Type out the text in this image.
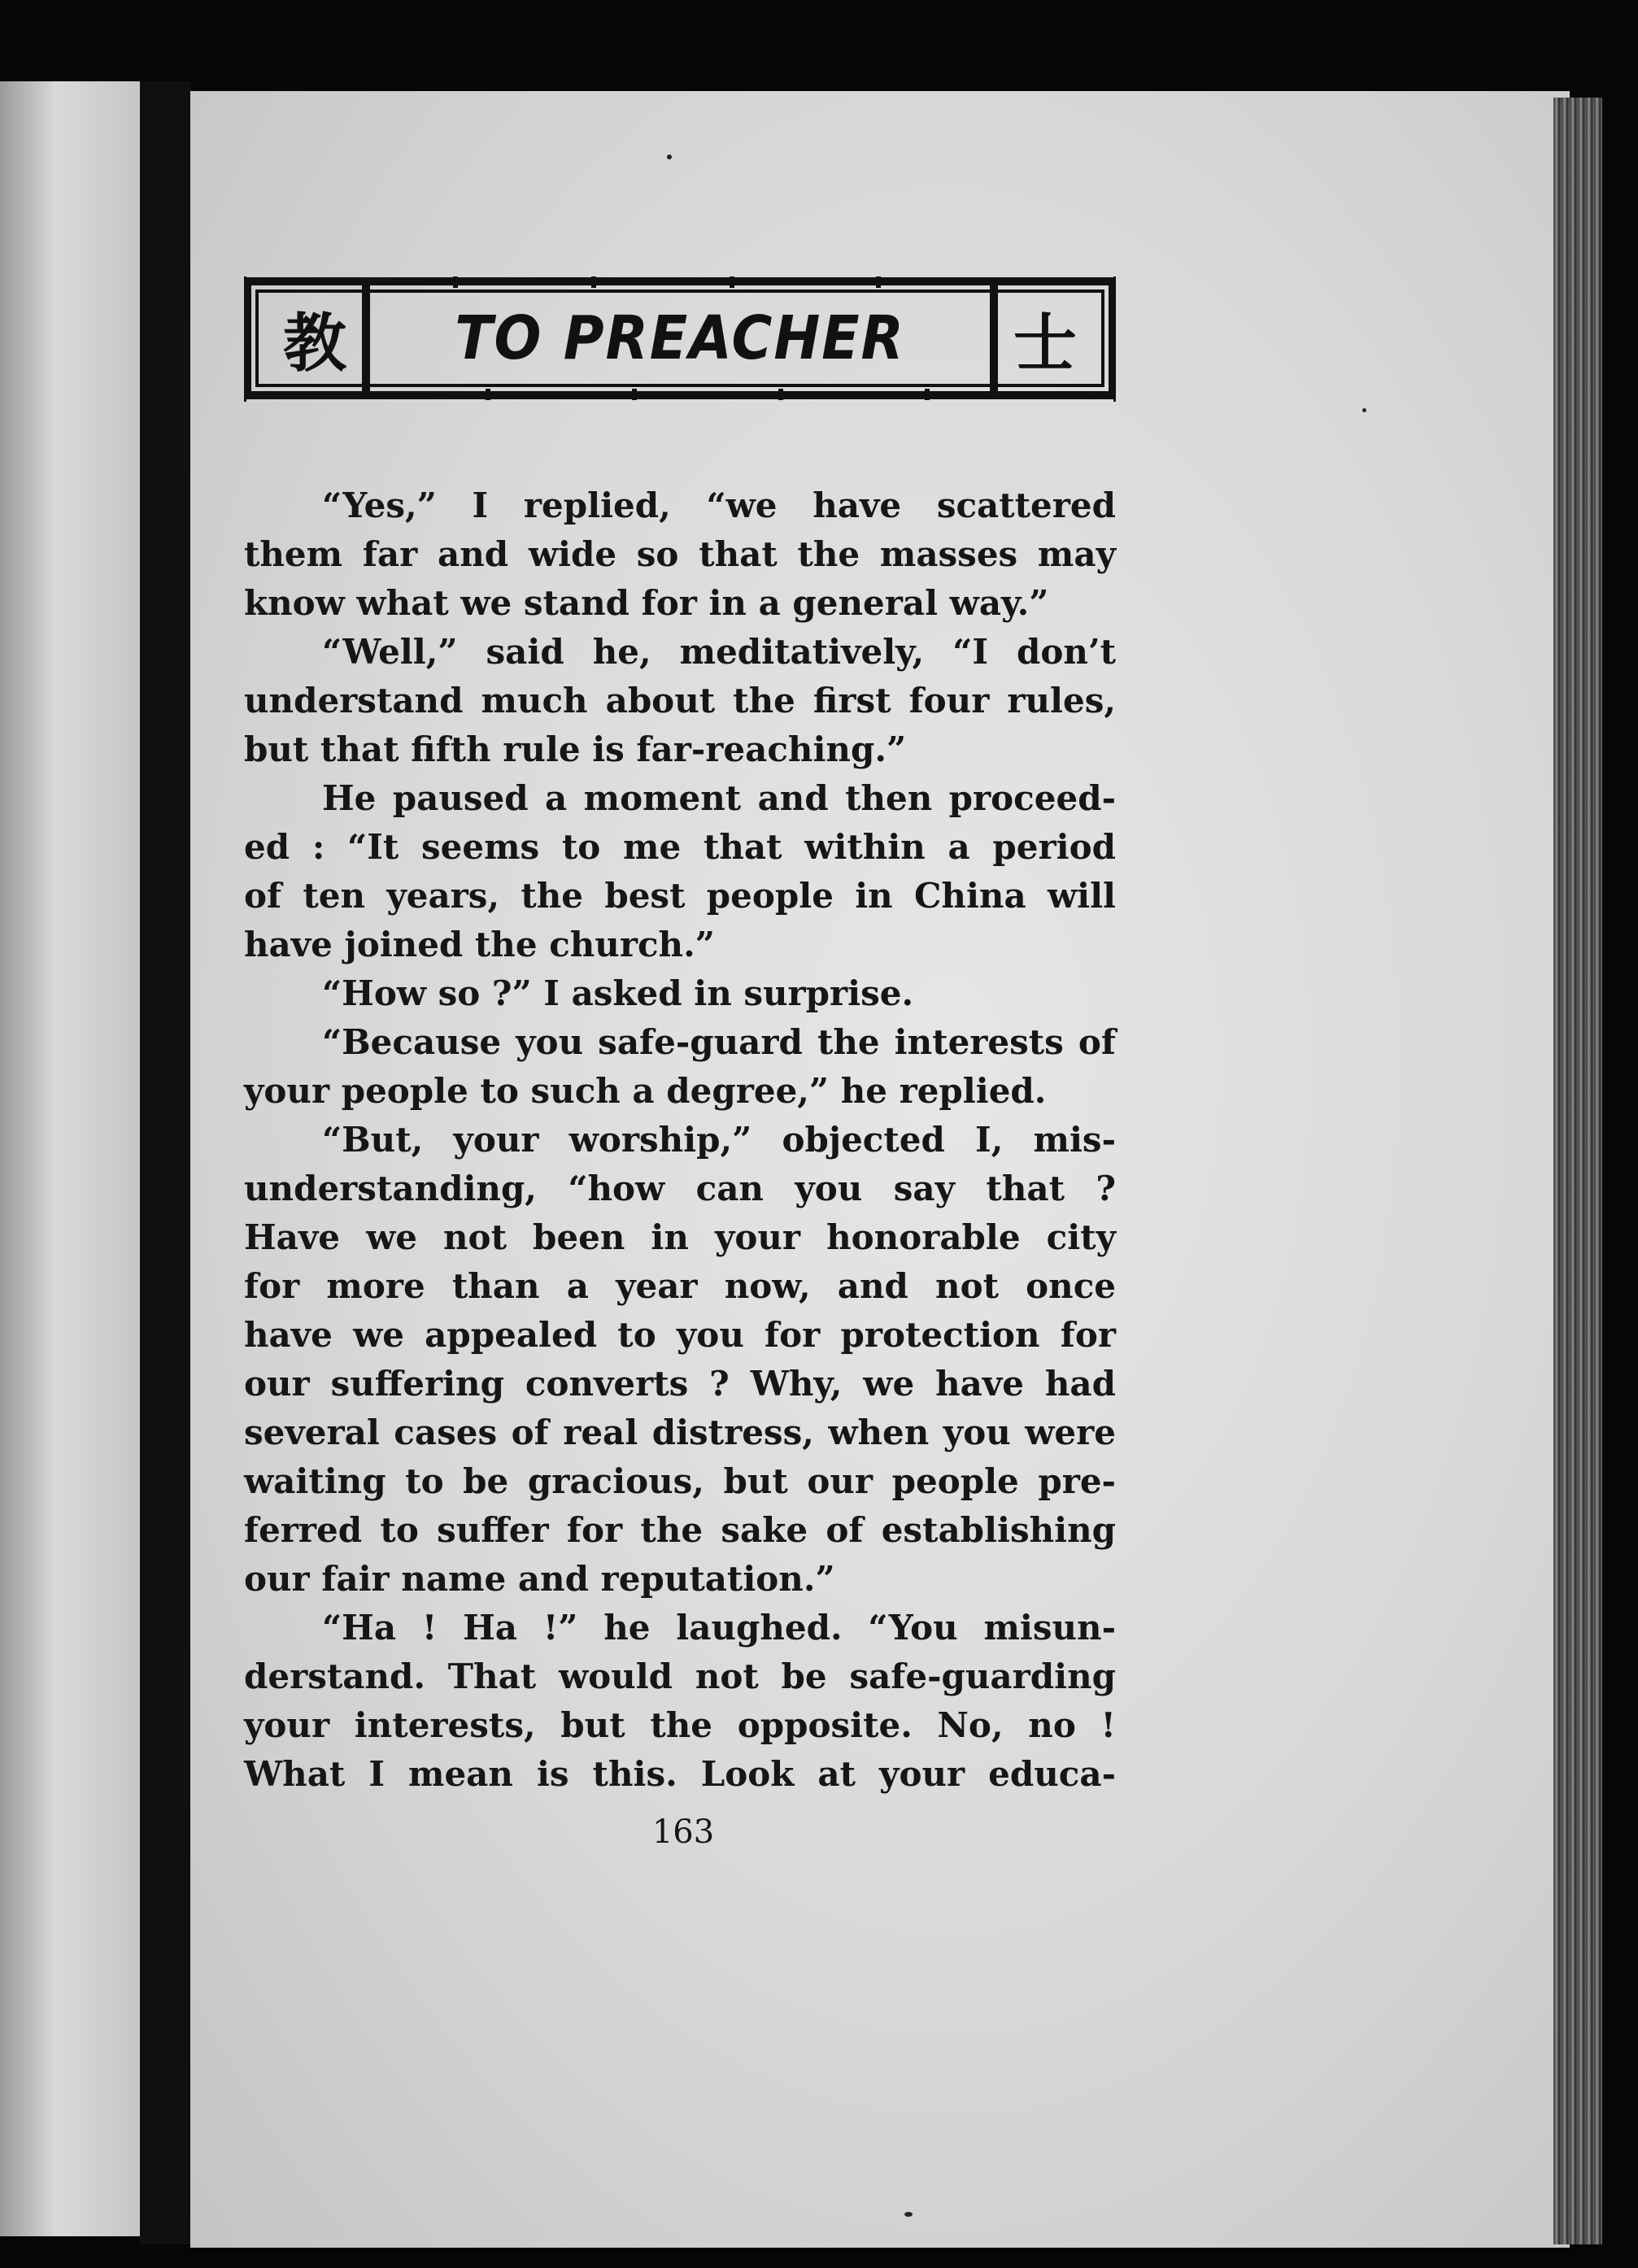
教	TO PREACHER	士
“Yes,” I replied, “we have scattered
them far and wide so that the masses may
know what we stand for in a general way.”
“Well,” said he, meditatively, “I don’t
understand much about the first four rules,
but that fifth rule is far-reaching.”
He paused a moment and then proceed-
ed : “It seems to me that within a period
of ten years, the best people in China will
have joined the church.”
“How so ?” I asked in surprise.
“Because you safe-guard the interests of
your people to such a degree,” he replied.
“But, your worship,” objected I, mis-
understanding, “how can you say that ?
Have we not been in your honorable city
for more than a year now, and not once
have we appealed to you for protection for
our suffering converts ? Why, we have had
several cases of real distress, when you were
waiting to be gracious, but our people pre-
ferred to suffer for the sake of establishing
our fair name and reputation.”
“Ha ! Ha !” he laughed. “You misun-
derstand. That would not be safe-guarding
your interests, but the opposite. No, no !
What I mean is this. Look at your educa-
163
